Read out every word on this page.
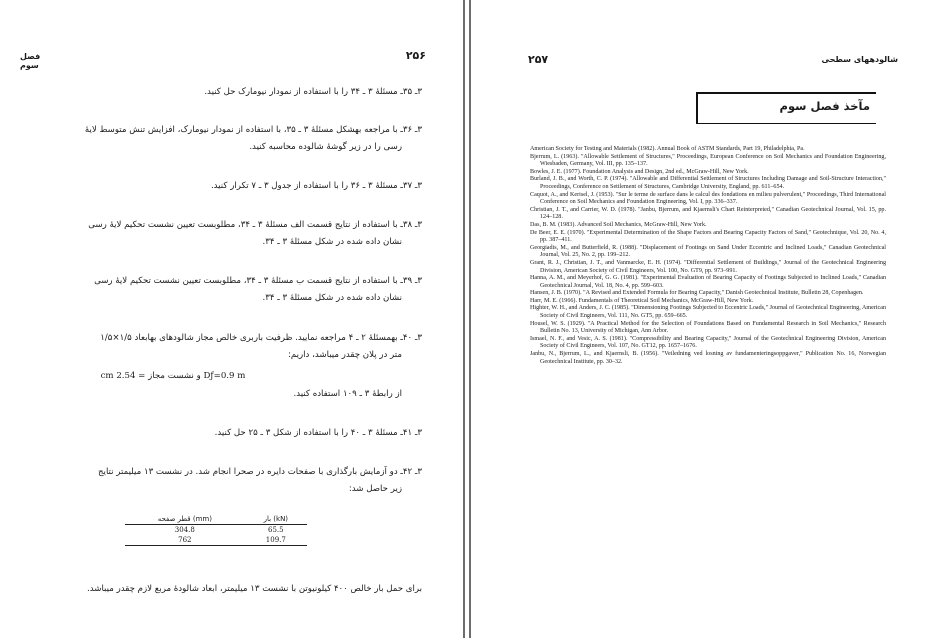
فصل سوم
۲۵۶
۳ـ ۳۵ـ مسئلهٔ ۳ ـ ۳۴ را با استفاده از نمودار نیومارک حل کنید.
۳ـ ۳۶ـ با مراجعه بهشکل مسئلهٔ ۳ ـ ۳۵، با استفاده از نمودار نیومارک، افزایش تنش متوسط لایهٔ
رسی را در زیر گوشهٔ شالوده محاسبه کنید.
۳ـ ۳۷ـ مسئلهٔ ۳ ـ ۳۶ را با استفاده از جدول ۳ ـ ۷ تکرار کنید.
۳ـ ۳۸ـ با استفاده از نتایج قسمت الف مسئلهٔ ۳ ـ ۳۴، مطلوبست تعیین نشست تحکیم لایهٔ رسی
نشان داده شده در شکل مسئلهٔ ۳ ـ ۳۴.
۳ـ ۳۹ـ با استفاده از نتایج قسمت ب مسئلهٔ ۳ ـ ۳۴، مطلوبست تعیین نشست تحکیم لایهٔ رسی
نشان داده شده در شکل مسئلهٔ ۳ ـ ۳۴.
۳ـ ۴۰ـ بهمسئلهٔ ۲ ـ ۴ مراجعه نمایید. ظرفیت باربری خالص مجاز شالودهای بهابعاد ۱/۵×۱/۵
متر در پلان چقدر میباشد، داریم:
Dƒ=0.9 m و نشست مجاز = 2.54 cm
از رابطهٔ ۳ ـ ۱۰۹ استفاده کنید.
۳ـ ۴۱ـ مسئلهٔ ۳ ـ ۴۰ را با استفاده از شکل ۳ ـ ۲۵ حل کنید.
۳ـ ۴۲ـ دو آزمایش بارگذاری با صفحات دایره در صحرا انجام شد. در نشست ۱۳ میلیمتر نتایج
زیر حاصل شد:
قطر صفحه (mm)	بار (kN)
304.8	65.5
762	109.7
برای حمل بار خالص ۴۰۰ کیلونیوتن با نشست ۱۳ میلیمتر، ابعاد شالودهٔ مربع لازم چقدر میباشد.
۲۵۷	شالودههای سطحی
مآخذ فصل سوم

American Society for Testing and Materials (1982). Annual Book of ASTM Standards, Part 19, Philadelphia, Pa.

Bjerrum, L. (1963). "Allowable Settlement of Structures," Proceedings, European Conference on Soil Mechanics and Foundation Engineering, Wiesbaden, Germany, Vol. III, pp. 135–137.

Bowles, J. E. (1977). Foundation Analysis and Design, 2nd ed., McGraw-Hill, New York.

Burland, J. B., and Worth, C. P. (1974). "Allowable and Differential Settlement of Structures Including Damage and Soil-Structure Interaction," Proceedings, Conference on Settlement of Structures, Cambridge University, England, pp. 611–654.

Caquot, A., and Kerisel, J. (1953). "Sur le terme de surface dans le calcul des fondations en milieu pulverulent," Proceedings, Third International Conference on Soil Mechanics and Foundation Engineering, Vol. I, pp. 336–337.

Christian, J. T., and Carrier, W. D. (1978). "Janbu, Bjerrum, and Kjaernsli's Chart Reinterpreted," Canadian Geotechnical Journal, Vol. 15, pp. 124–128.

Das, B. M. (1983). Advanced Soil Mechanics, McGraw-Hill, New York.

De Beer, E. E. (1970). "Experimental Determination of the Shape Factors and Bearing Capacity Factors of Sand," Geotechnique, Vol. 20, No. 4, pp. 387–411.

Georgiadis, M., and Butterfield, R. (1988). "Displacement of Footings on Sand Under Eccentric and Inclined Loads," Canadian Geotechnical Journal, Vol. 25, No. 2, pp. 199–212.

Grant, R. J., Christian, J. T., and Vanmarcke, E. H. (1974). "Differential Settlement of Buildings," Journal of the Geotechnical Engineering Division, American Society of Civil Engineers, Vol. 100, No. GT9, pp. 973–991.

Hanna, A. M., and Meyerhof, G. G. (1981). "Experimental Evaluation of Bearing Capacity of Footings Subjected to Inclined Loads," Canadian Geotechnical Journal, Vol. 18, No. 4, pp. 599–603.

Hansen, J. B. (1970). "A Revised and Extended Formula for Bearing Capacity," Danish Geotechnical Institute, Bulletin 28, Copenhagen.

Harr, M. E. (1966). Fundamentals of Theoretical Soil Mechanics, McGraw-Hill, New York.

Highter, W. H., and Anders, J. C. (1985). "Dimensioning Footings Subjected to Eccentric Loads," Journal of Geotechnical Engineering, American Society of Civil Engineers, Vol. 111, No. GT5, pp. 659–665.

Housel, W. S. (1929). "A Practical Method for the Selection of Foundations Based on Fundamental Research in Soil Mechanics," Research Bulletin No. 13, University of Michigan, Ann Arbor.

Ismael, N. F., and Vesic, A. S. (1981). "Compressibility and Bearing Capacity," Journal of the Geotechnical Engineering Division, American Society of Civil Engineers, Vol. 107, No. GT12, pp. 1657–1676.

Janbu, N., Bjerrum, L., and Kjaernsli, B. (1956). "Veiledning ved losning av fundamenteringsoppgaver," Publication No. 16, Norwegian Geotechnical Institute, pp. 30–32.
